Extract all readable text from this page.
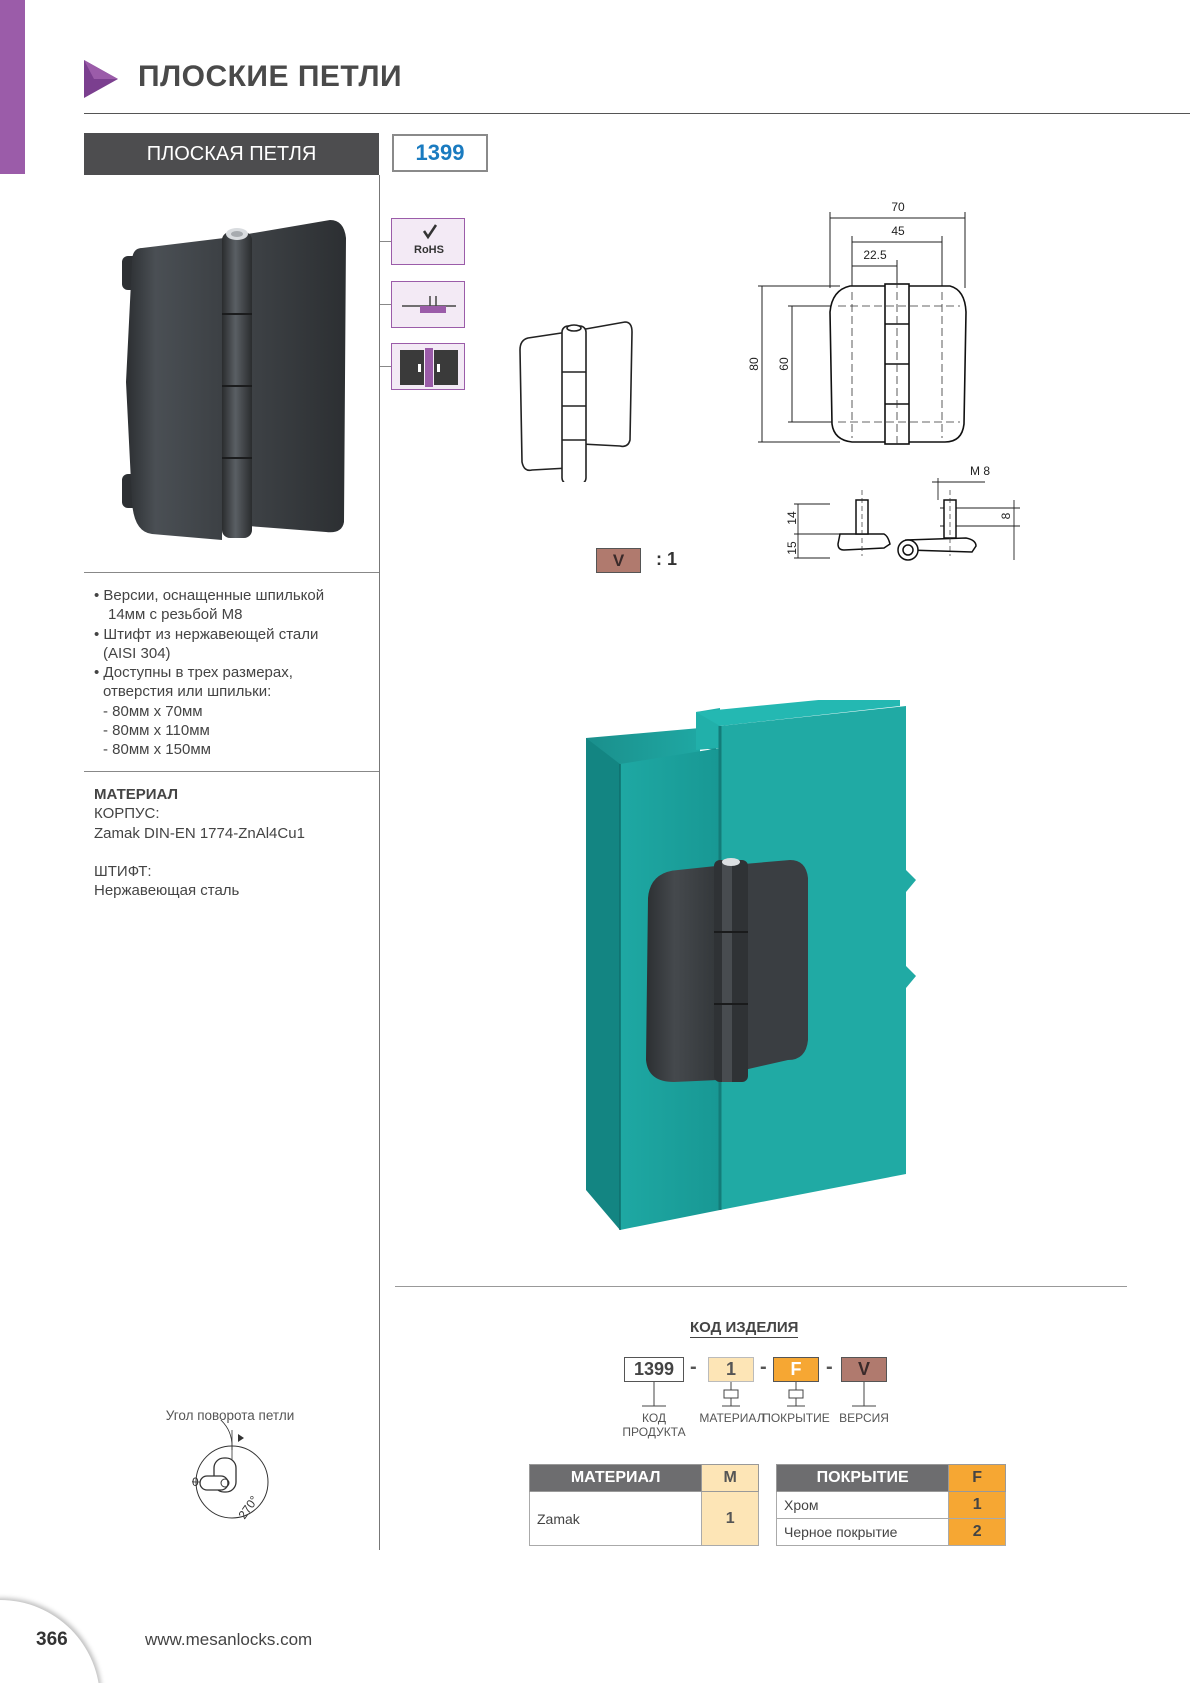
ПЛОСКИЕ ПЕТЛИ
ПЛОСКАЯ ПЕТЛЯ	1399
• Версии, оснащенные шпилькой
14мм с резьбой М8
• Штифт из нержавеющей стали
(AISI 304)
• Доступны в трех размерах,
отверстия или шпильки:
- 80мм х 70мм
- 80мм х 110мм
- 80мм х 150мм
МАТЕРИАЛ
КОРПУС:
Zamak DIN-EN 1774-ZnAl4Cu1
ШТИФТ:
Нержавеющая сталь
Угол поворота петли
0
270°
RoHS
70
45
22.5
80 60
M 8
14
15
8
V	: 1
КОД ИЗДЕЛИЯ
1399 -	1	-	F	-	V
КОД
ПРОДУКТА
МАТЕРИАЛ
ПОКРЫТИЕ ВЕРСИЯ
МАТЕРИАЛ	M
Zamak	1
ПОКРЫТИЕ	F
Хром	1
Черное покрытие	2
366	www.mesanlocks.com
